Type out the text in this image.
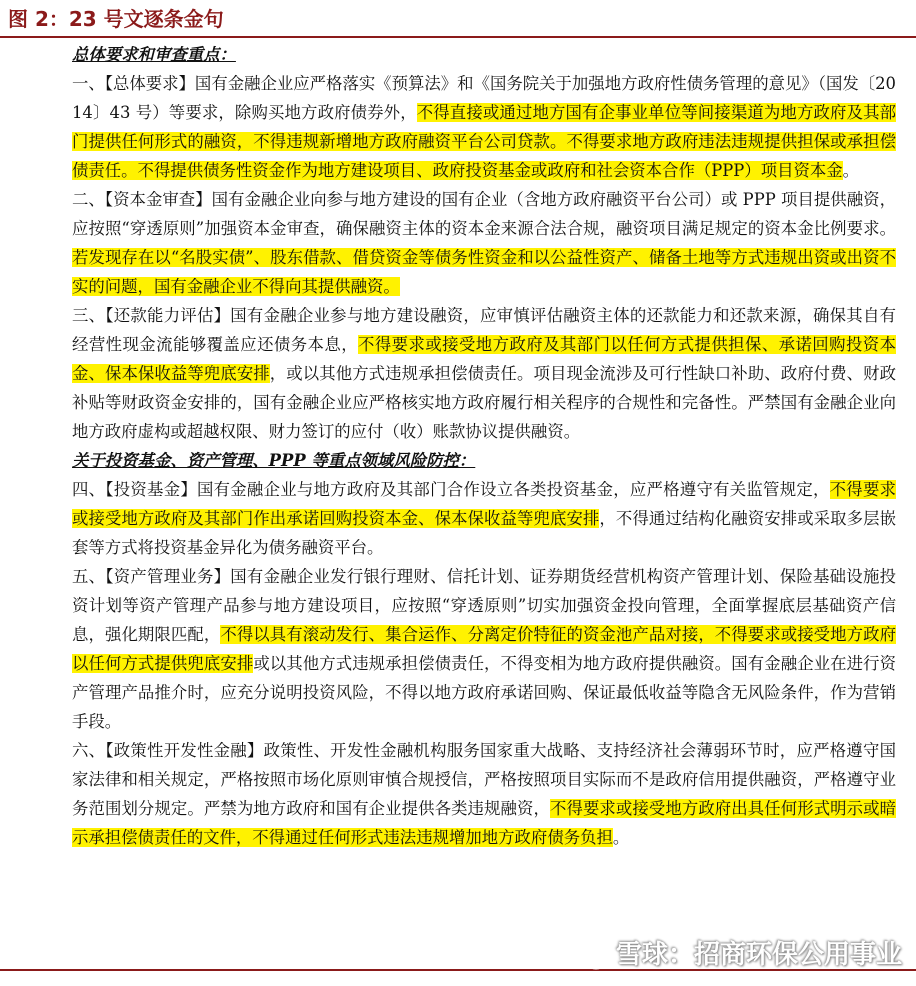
图 2：23 号文逐条金句
总体要求和审查重点：
一、【总体要求】国有金融企业应严格落实《预算法》和《国务院关于加强地方政府性债务管理的意见》（国发〔2014〕43 号）等要求，除购买地方政府债券外，不得直接或通过地方国有企事业单位等间接渠道为地方政府及其部门提供任何形式的融资，不得违规新增地方政府融资平台公司贷款。不得要求地方政府违法违规提供担保或承担偿债责任。不得提供债务性资金作为地方建设项目、政府投资基金或政府和社会资本合作（PPP）项目资本金。
二、【资本金审查】国有金融企业向参与地方建设的国有企业（含地方政府融资平台公司）或 PPP 项目提供融资，应按照“穿透原则”加强资本金审查，确保融资主体的资本金来源合法合规，融资项目满足规定的资本金比例要求。若发现存在以“名股实债”、股东借款、借贷资金等债务性资金和以公益性资产、储备土地等方式违规出资或出资不实的问题，国有金融企业不得向其提供融资。
三、【还款能力评估】国有金融企业参与地方建设融资，应审慎评估融资主体的还款能力和还款来源，确保其自有经营性现金流能够覆盖应还债务本息，不得要求或接受地方政府及其部门以任何方式提供担保、承诺回购投资本金、保本保收益等兜底安排，或以其他方式违规承担偿债责任。项目现金流涉及可行性缺口补助、政府付费、财政补贴等财政资金安排的，国有金融企业应严格核实地方政府履行相关程序的合规性和完备性。严禁国有金融企业向地方政府虚构或超越权限、财力签订的应付（收）账款协议提供融资。
关于投资基金、资产管理、PPP 等重点领域风险防控：
四、【投资基金】国有金融企业与地方政府及其部门合作设立各类投资基金，应严格遵守有关监管规定，不得要求或接受地方政府及其部门作出承诺回购投资本金、保本保收益等兜底安排，不得通过结构化融资安排或采取多层嵌套等方式将投资基金异化为债务融资平台。
五、【资产管理业务】国有金融企业发行银行理财、信托计划、证券期货经营机构资产管理计划、保险基础设施投资计划等资产管理产品参与地方建设项目，应按照“穿透原则”切实加强资金投向管理，全面掌握底层基础资产信息，强化期限匹配，不得以具有滚动发行、集合运作、分离定价特征的资金池产品对接，不得要求或接受地方政府以任何方式提供兜底安排或以其他方式违规承担偿债责任，不得变相为地方政府提供融资。国有金融企业在进行资产管理产品推介时，应充分说明投资风险，不得以地方政府承诺回购、保证最低收益等隐含无风险条件，作为营销手段。
六、【政策性开发性金融】政策性、开发性金融机构服务国家重大战略、支持经济社会薄弱环节时，应严格遵守国家法律和相关规定，严格按照市场化原则审慎合规授信，严格按照项目实际而不是政府信用提供融资，严格遵守业务范围划分规定。严禁为地方政府和国有企业提供各类违规融资，不得要求或接受地方政府出具任何形式明示或暗示承担偿债责任的文件，不得通过任何形式违法违规增加地方政府债务负担。
雪球：招商环保公用事业
